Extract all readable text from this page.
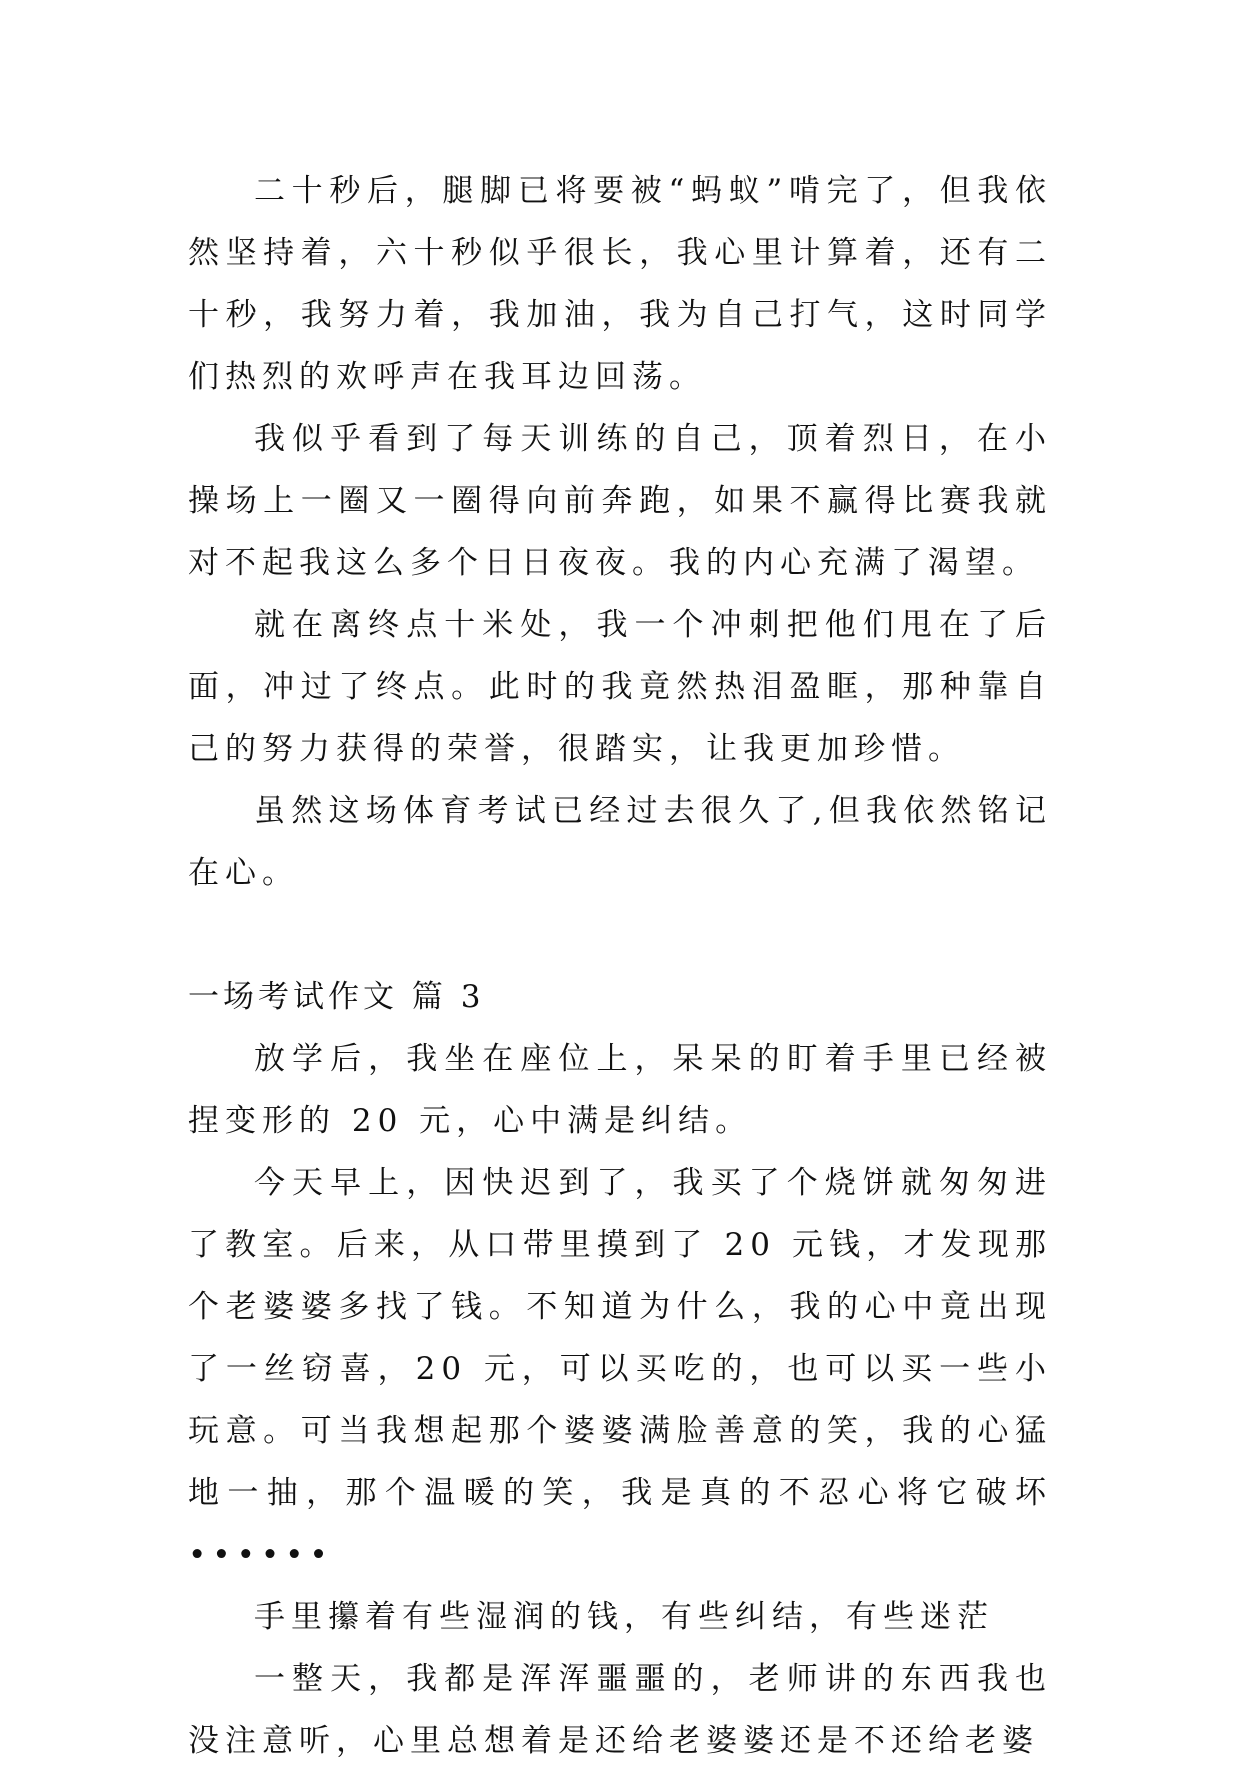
二十秒后，腿脚已将要被“蚂蚁”啃完了，但我依然坚持着，六十秒似乎很长，我心里计算着，还有二十秒，我努力着，我加油，我为自己打气，这时同学们热烈的欢呼声在我耳边回荡。

我似乎看到了每天训练的自己，顶着烈日，在小操场上一圈又一圈得向前奔跑，如果不赢得比赛我就对不起我这么多个日日夜夜。我的内心充满了渴望。

就在离终点十米处，我一个冲刺把他们甩在了后面，冲过了终点。此时的我竟然热泪盈眶，那种靠自己的努力获得的荣誉，很踏实，让我更加珍惜。

虽然这场体育考试已经过去很久了,但我依然铭记在心。

一场考试作文 篇 3

放学后，我坐在座位上，呆呆的盯着手里已经被捏变形的 20 元，心中满是纠结。

今天早上，因快迟到了，我买了个烧饼就匆匆进了教室。后来，从口带里摸到了 20 元钱，才发现那个老婆婆多找了钱。不知道为什么，我的心中竟出现了一丝窃喜，20 元，可以买吃的，也可以买一些小玩意。可当我想起那个婆婆满脸善意的笑，我的心猛地一抽，那个温暖的笑，我是真的不忍心将它破坏••••••

手里攥着有些湿润的钱，有些纠结，有些迷茫

一整天，我都是浑浑噩噩的，老师讲的东西我也没注意听，心里总想着是还给老婆婆还是不还给老婆
